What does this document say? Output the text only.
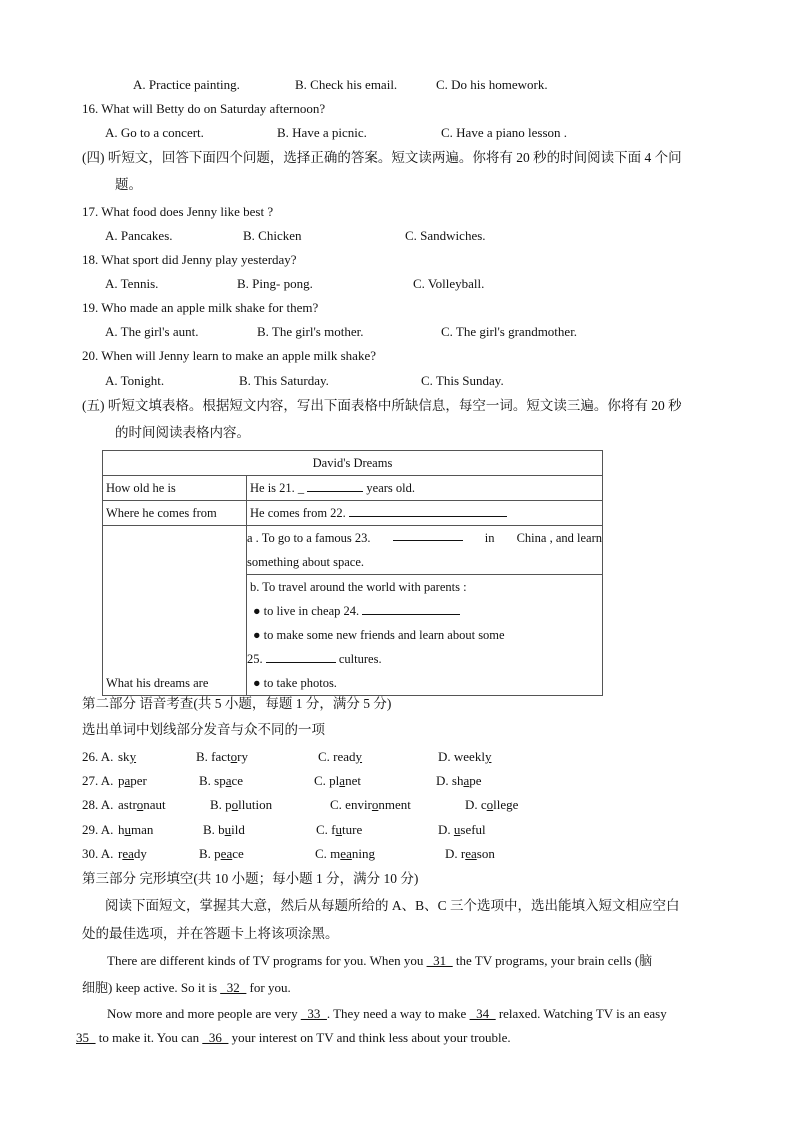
A. Practice painting.	B. Check his email.	C. Do his homework.
16. What will Betty do on Saturday afternoon?
A. Go to a concert.	B. Have a picnic.	C. Have a piano lesson .
(四) 听短文，回答下面四个问题，选择正确的答案。短文读两遍。你将有 20 秒的时间阅读下面 4 个问
题。
17. What food does Jenny like best ?
A. Pancakes.	B. Chicken	C. Sandwiches.
18. What sport did Jenny play yesterday?
A. Tennis.	B. Ping- pong.	C. Volleyball.
19. Who made an apple milk shake for them?
A. The girl's aunt.	B. The girl's mother.	C. The girl's grandmother.
20. When will Jenny learn to make an apple milk shake?
A. Tonight.	B. This Saturday.	C. This Sunday.
(五) 听短文填表格。根据短文内容，写出下面表格中所缺信息，每空一词。短文读三遍。你将有 20 秒
的时间阅读表格内容。
David's Dreams	
How old he is	He is 21. _ years old.
Where he comes from	He comes from 22.
What his dreams are	a . To go to a famous 23. in China , and learn
something about space.

	b. To travel around the world with parents :
● to live in cheap 24.
● to make some new friends and learn about some
25. cultures.
● to take photos.
第二部分 语音考查(共 5 小题，每题 1 分，满分 5 分)
选出单词中划线部分发音与众不同的一项
26. A. sky	B. factory	C. ready	D. weekly
27. A. paper	B. space	C. planet	D. shape
28. A. astronaut	B. pollution	C. environment	D. college
29. A. human	B. build	C. future	D. useful
30. A. ready	B. peace	C. meaning	D. reason
第三部分 完形填空(共 10 小题；每小题 1 分，满分 10 分)
阅读下面短文，掌握其大意，然后从每题所给的 A、B、C 三个选项中，选出能填入短文相应空白
处的最佳选项，并在答题卡上将该项涂黑。
There are different kinds of TV programs for you. When you _31_ the TV programs, your brain cells (脑
细胞) keep active. So it is _32_ for you.
Now more and more people are very _33_. They need a way to make _34_ relaxed. Watching TV is an easy
35_ to make it. You can _36_ your interest on TV and think less about your trouble.
